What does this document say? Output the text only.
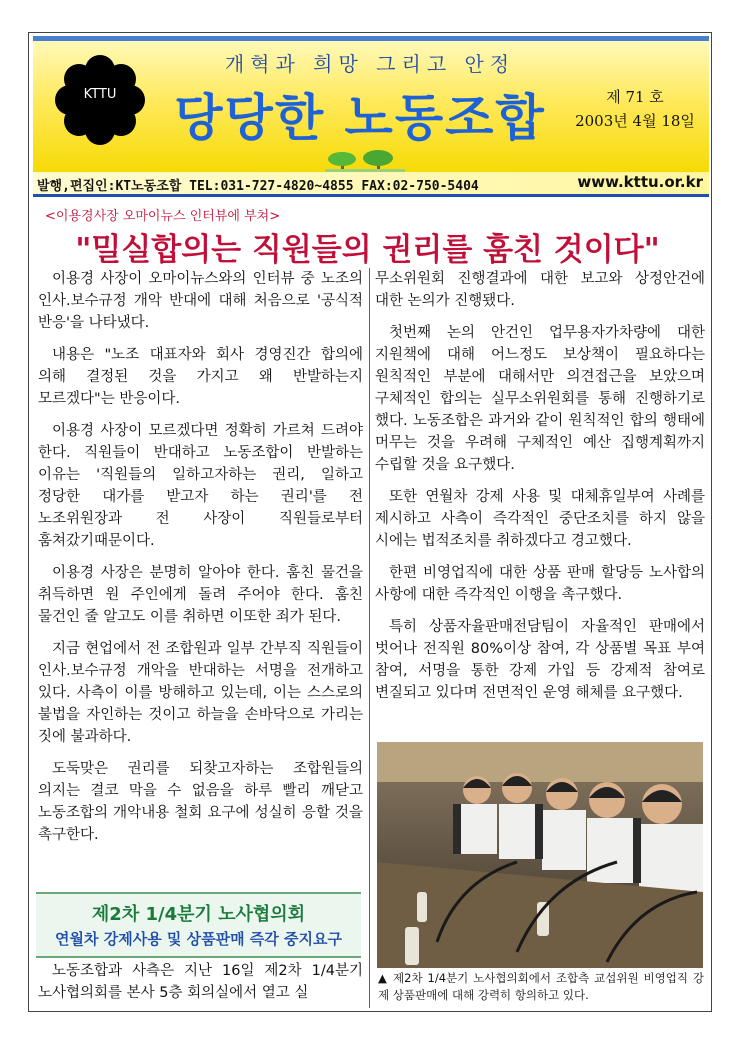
KTTU
개혁과 희망 그리고 안정
당당한 노동조합	제 71 호
2003년 4월 18일
발행,편집인:KT노동조합 TEL:031-727-4820~4855 FAX:02-750-5404	www.kttu.or.kr
<이용경사장 오마이뉴스 인터뷰에 부쳐>
"밀실합의는 직원들의 권리를 훔친 것이다"

이용경 사장이 오마이뉴스와의 인터뷰 중 노조의 인사.보수규정 개악 반대에 대해 처음으로 '공식적 반응'을 나타냈다.

내용은 "노조 대표자와 회사 경영진간 합의에 의해 결정된 것을 가지고 왜 반발하는지 모르겠다"는 반응이다.

이용경 사장이 모르겠다면 정확히 가르쳐 드려야 한다. 직원들이 반대하고 노동조합이 반발하는 이유는 '직원들의 일하고자하는 권리, 일하고 정당한 대가를 받고자 하는 권리'를 전 노조위원장과 전 사장이 직원들로부터 훔쳐갔기때문이다.

이용경 사장은 분명히 알아야 한다. 훔친 물건을 취득하면 원 주인에게 돌려 주어야 한다. 훔친 물건인 줄 알고도 이를 취하면 이또한 죄가 된다.

지금 현업에서 전 조합원과 일부 간부직 직원들이 인사.보수규정 개악을 반대하는 서명을 전개하고 있다. 사측이 이를 방해하고 있는데, 이는 스스로의 불법을 자인하는 것이고 하늘을 손바닥으로 가리는 짓에 불과하다.

도둑맞은 권리를 되찾고자하는 조합원들의 의지는 결코 막을 수 없음을 하루 빨리 깨닫고 노동조합의 개악내용 철회 요구에 성실히 응할 것을 촉구한다.

제2차 1/4분기 노사협의회
연월차 강제사용 및 상품판매 즉각 중지요구

노동조합과 사측은 지난 16일 제2차 1/4분기 노사협의회를 본사 5층 회의실에서 열고 실

무소위원회 진행결과에 대한 보고와 상정안건에 대한 논의가 진행됐다.

첫번째 논의 안건인 업무용자가차량에 대한 지원책에 대해 어느정도 보상책이 필요하다는 원칙적인 부분에 대해서만 의견접근을 보았으며 구체적인 합의는 실무소위원회를 통해 진행하기로 했다. 노동조합은 과거와 같이 원칙적인 합의 행태에 머무는 것을 우려해 구체적인 예산 집행계획까지 수립할 것을 요구했다.

또한 연월차 강제 사용 및 대체휴일부여 사례를 제시하고 사측이 즉각적인 중단조치를 하지 않을 시에는 법적조치를 취하겠다고 경고했다.

한편 비영업직에 대한 상품 판매 할당등 노사합의 사항에 대한 즉각적인 이행을 촉구했다.

특히 상품자율판매전담팀이 자율적인 판매에서 벗어나 전직원 80%이상 참여, 각 상품별 목표 부여 참여, 서명을 통한 강제 가입 등 강제적 참여로 변질되고 있다며 전면적인 운영 해체를 요구했다.

▲ 제2차 1/4분기 노사협의회에서 조합측 교섭위원 비영업직 강제 상품판매에 대해 강력히 항의하고 있다.
